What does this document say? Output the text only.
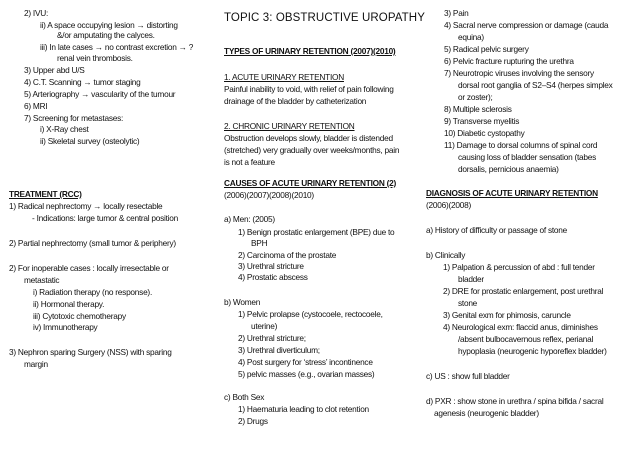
2) IVU:
ii) A space occupying lesion → distorting
&/or amputating the calyces.
iii) In late cases → no contrast excretion → ?
renal vein thrombosis.
3) Upper abd U/S
4) C.T. Scanning → tumor staging
5) Arteriography → vascularity of the tumour
6) MRI
7) Screening for metastases:
i) X-Ray chest
ii) Skeletal survey (osteolytic)
TREATMENT (RCC)
1) Radical nephrectomy → locally resectable
- Indications: large tumor & central position
2) Partial nephrectomy (small tumor & periphery)
2) For inoperable cases : locally irresectable or
metastatic
i) Radiation therapy (no response).
ii) Hormonal therapy.
iii) Cytotoxic chemotherapy
iv) Immunotherapy
3) Nephron sparing Surgery (NSS) with sparing
margin
TOPIC 3: OBSTRUCTIVE UROPATHY
TYPES OF URINARY RETENTION (2007)(2010)
1. ACUTE URINARY RETENTION
Painful inability to void, with relief of pain following
drainage of the bladder by catheterization
2. CHRONIC URINARY RETENTION
Obstruction develops slowly, bladder is distended
(stretched) very gradually over weeks/months, pain
is not a feature
CAUSES OF ACUTE URINARY RETENTION (2)
(2006)(2007)(2008)(2010)
a) Men: (2005)
1) Benign prostatic enlargement (BPE) due to
BPH
2) Carcinoma of the prostate
3) Urethral stricture
4) Prostatic abscess
b) Women
1) Pelvic prolapse (cystocoele, rectocoele,
uterine)
2) Urethral stricture;
3) Urethral diverticulum;
4) Post surgery for ‘stress’ incontinence
5) pelvic masses (e.g., ovarian masses)
c) Both Sex
1) Haematuria leading to clot retention
2) Drugs
3) Pain
4) Sacral nerve compression or damage (cauda
equina)
5) Radical pelvic surgery
6) Pelvic fracture rupturing the urethra
7) Neurotropic viruses involving the sensory
dorsal root ganglia of S2–S4 (herpes simplex
or zoster);
8) Multiple sclerosis
9) Transverse myelitis
10) Diabetic cystopathy
11) Damage to dorsal columns of spinal cord
causing loss of bladder sensation (tabes
dorsalis, pernicious anaemia)
DIAGNOSIS OF ACUTE URINARY RETENTION
(2006)(2008)
a) History of difficulty or passage of stone
b) Clinically
1) Palpation & percussion of abd : full tender
bladder
2) DRE for prostatic enlargement, post urethral
stone
3) Genital exm for phimosis, caruncle
4) Neurological exm: flaccid anus, diminishes
/absent bulbocavernous reflex, perianal
hypoplasia (neurogenic hyporeflex bladder)
c) US : show full bladder
d) PXR : show stone in urethra / spina bifida / sacral
agenesis (neurogenic bladder)
